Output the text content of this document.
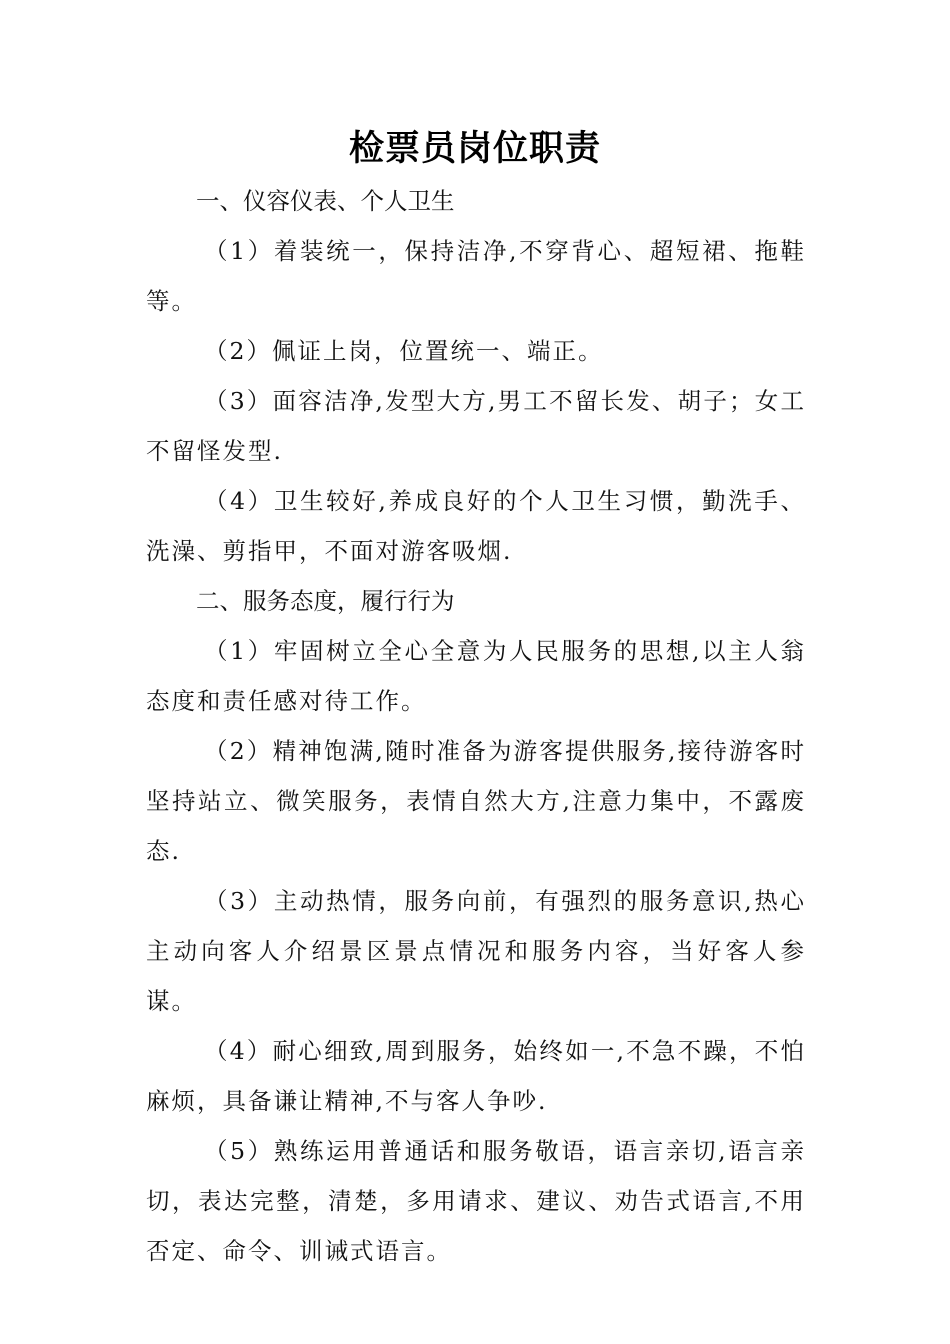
检票员岗位职责

一、仪容仪表、个人卫生

（1）着装统一，保持洁净,不穿背心、超短裙、拖鞋等。

（2）佩证上岗，位置统一、端正。

（3）面容洁净,发型大方,男工不留长发、胡子；女工不留怪发型.

（4）卫生较好,养成良好的个人卫生习惯，勤洗手、洗澡、剪指甲，不面对游客吸烟.

二、服务态度，履行行为

（1）牢固树立全心全意为人民服务的思想,以主人翁态度和责任感对待工作。

（2）精神饱满,随时准备为游客提供服务,接待游客时坚持站立、微笑服务，表情自然大方,注意力集中，不露废态.

（3）主动热情，服务向前，有强烈的服务意识,热心主动向客人介绍景区景点情况和服务内容，当好客人参谋。

（4）耐心细致,周到服务，始终如一,不急不躁，不怕麻烦，具备谦让精神,不与客人争吵.

（5）熟练运用普通话和服务敬语，语言亲切,语言亲切，表达完整，清楚，多用请求、建议、劝告式语言,不用否定、命令、训诫式语言。
